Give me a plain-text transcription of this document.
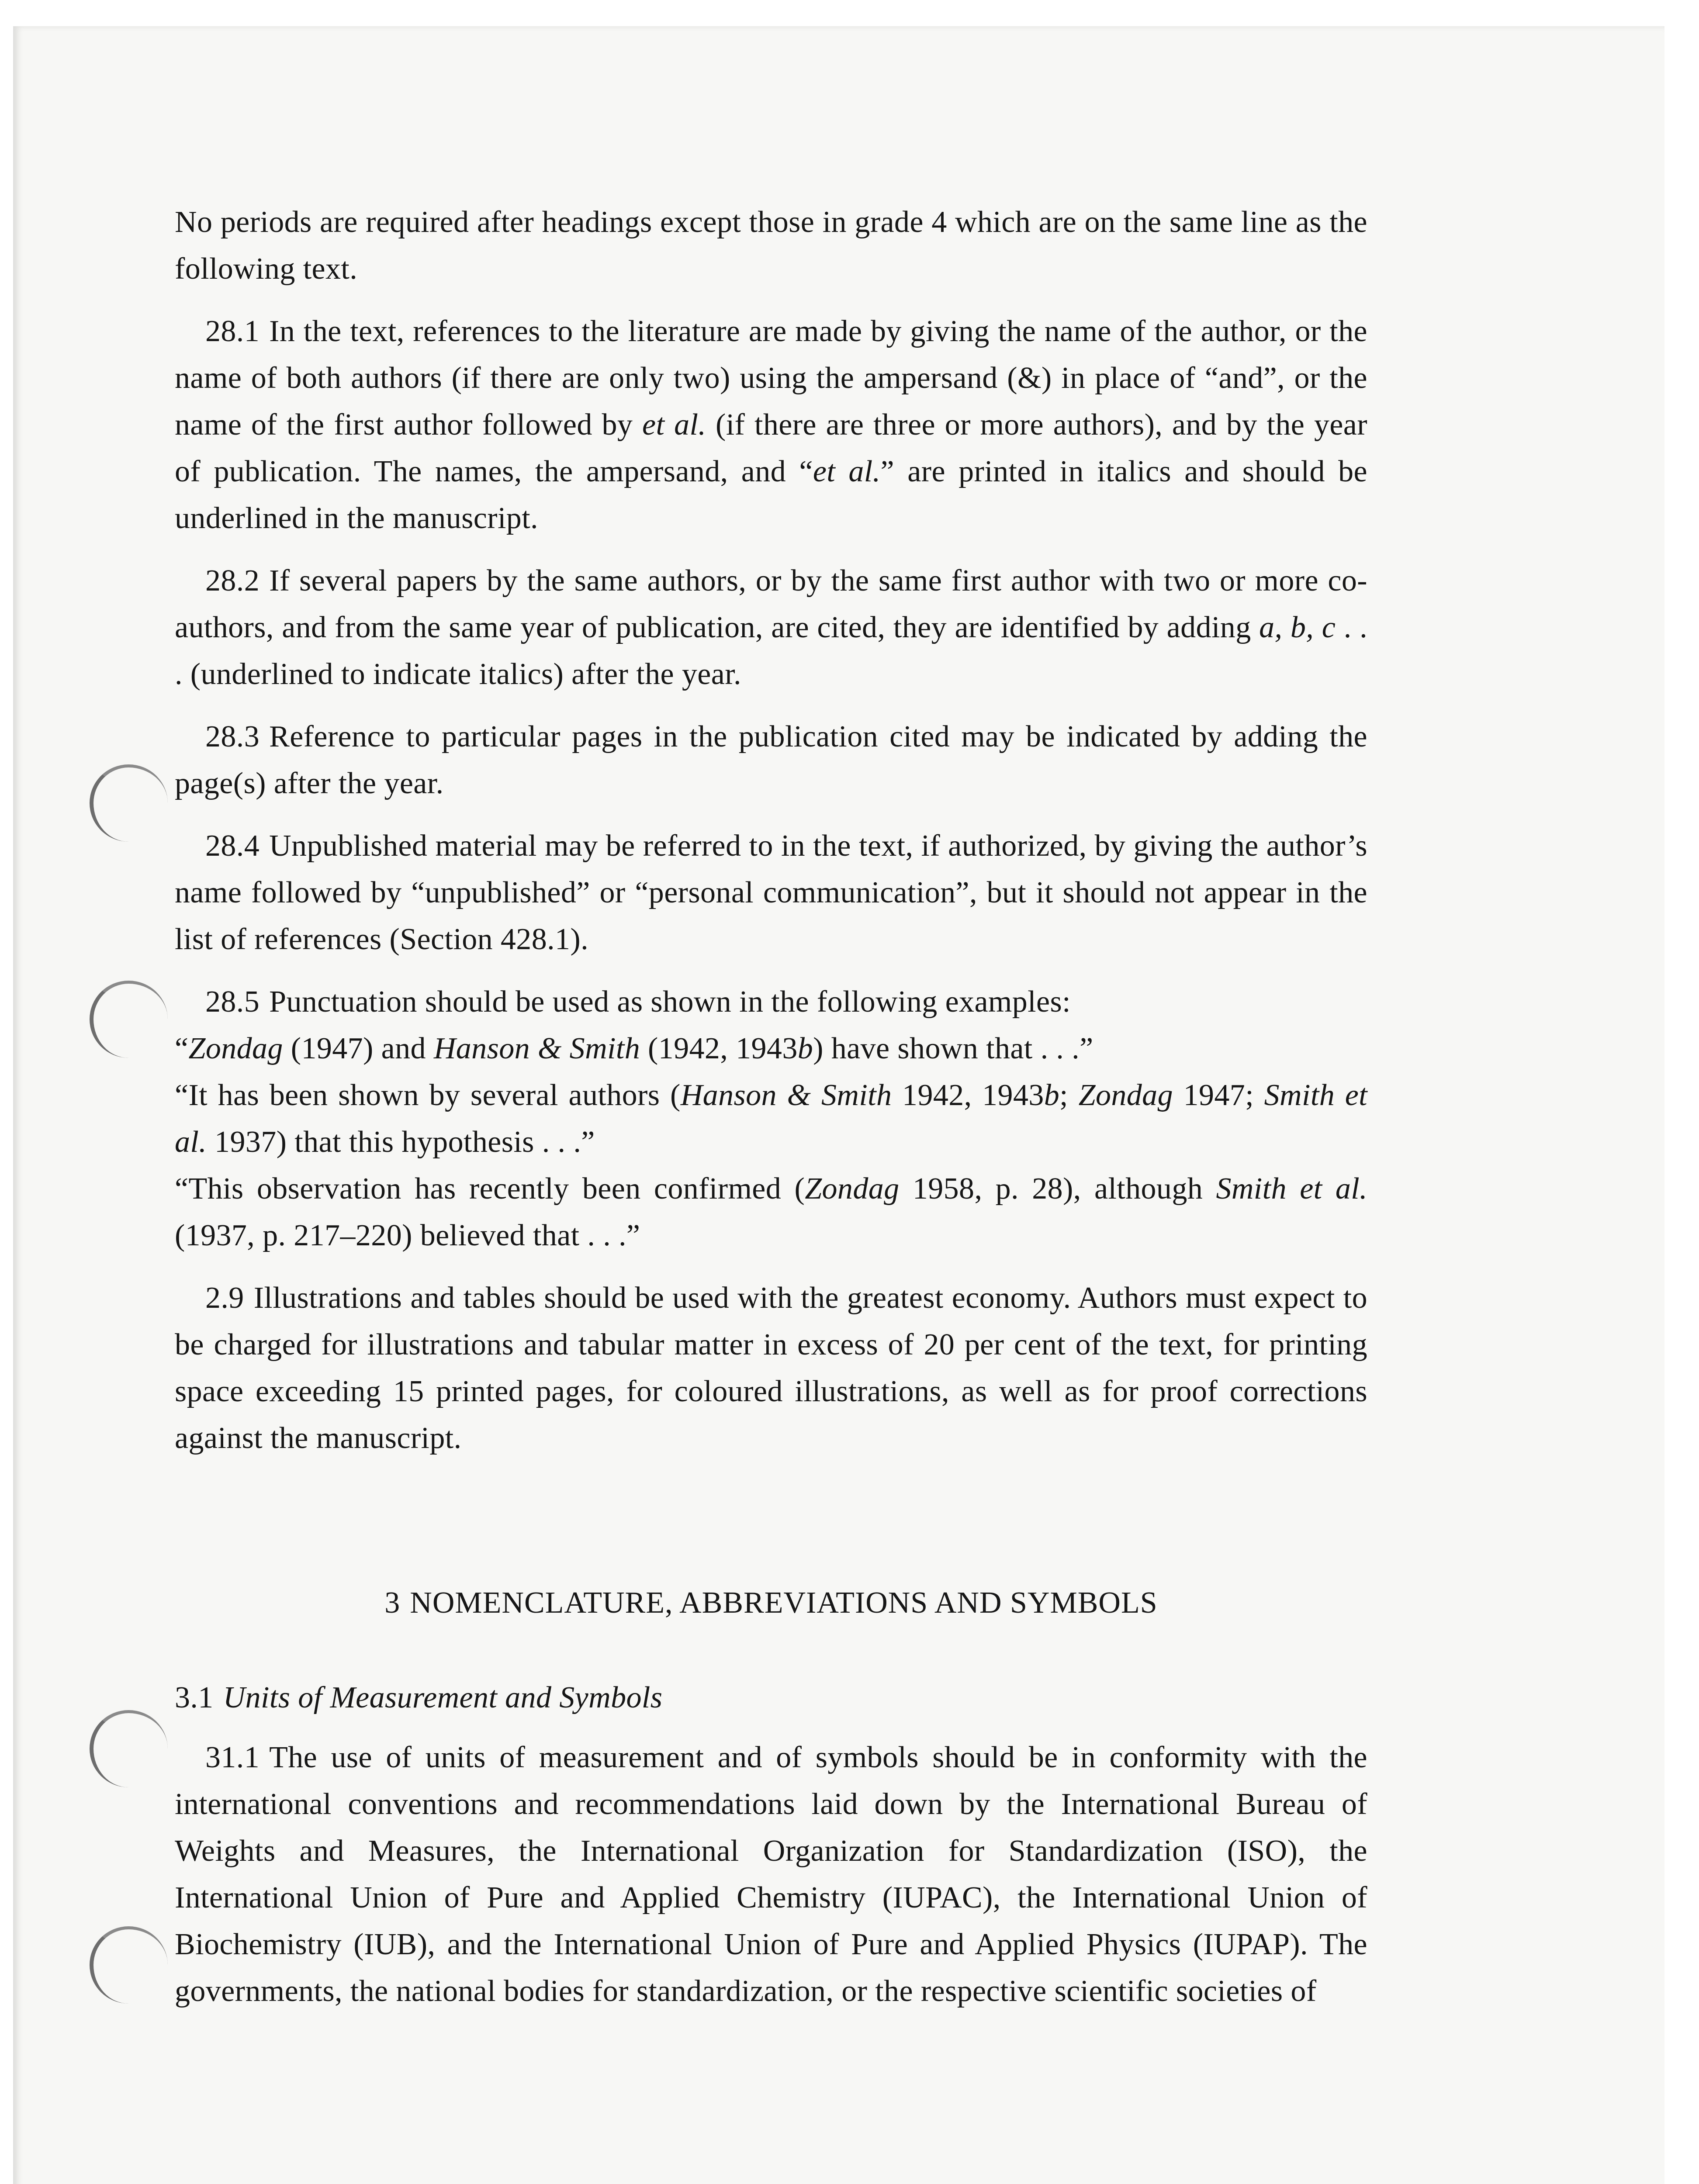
No periods are required after headings except those in grade 4 which are on the same line as the following text.

28.1 In the text, references to the literature are made by giving the name of the author, or the name of both authors (if there are only two) using the ampersand (&) in place of “and”, or the name of the first author followed by et al. (if there are three or more authors), and by the year of publication. The names, the ampersand, and “et al.” are printed in italics and should be underlined in the manuscript.

28.2 If several papers by the same authors, or by the same first author with two or more co-authors, and from the same year of publication, are cited, they are identified by adding a, b, c . . . (underlined to indicate italics) after the year.

28.3 Reference to particular pages in the publication cited may be indicated by adding the page(s) after the year.

28.4 Unpublished material may be referred to in the text, if authorized, by giving the author’s name followed by “unpublished” or “personal communication”, but it should not appear in the list of references (Section 428.1).

28.5 Punctuation should be used as shown in the following examples:

“Zondag (1947) and Hanson & Smith (1942, 1943b) have shown that . . .”

“It has been shown by several authors (Hanson & Smith 1942, 1943b; Zondag 1947; Smith et al. 1937) that this hypothesis . . .”

“This observation has recently been confirmed (Zondag 1958, p. 28), although Smith et al. (1937, p. 217–220) believed that . . .”

2.9 Illustrations and tables should be used with the greatest economy. Authors must expect to be charged for illustrations and tabular matter in excess of 20 per cent of the text, for printing space exceeding 15 printed pages, for coloured illustrations, as well as for proof corrections against the manuscript.

3 NOMENCLATURE, ABBREVIATIONS AND SYMBOLS

3.1 Units of Measurement and Symbols

31.1 The use of units of measurement and of symbols should be in conformity with the international conventions and recommendations laid down by the International Bureau of Weights and Measures, the International Organization for Standardization (ISO), the International Union of Pure and Applied Chemistry (IUPAC), the International Union of Biochemistry (IUB), and the International Union of Pure and Applied Physics (IUPAP). The governments, the national bodies for standardization, or the respective scientific societies of
